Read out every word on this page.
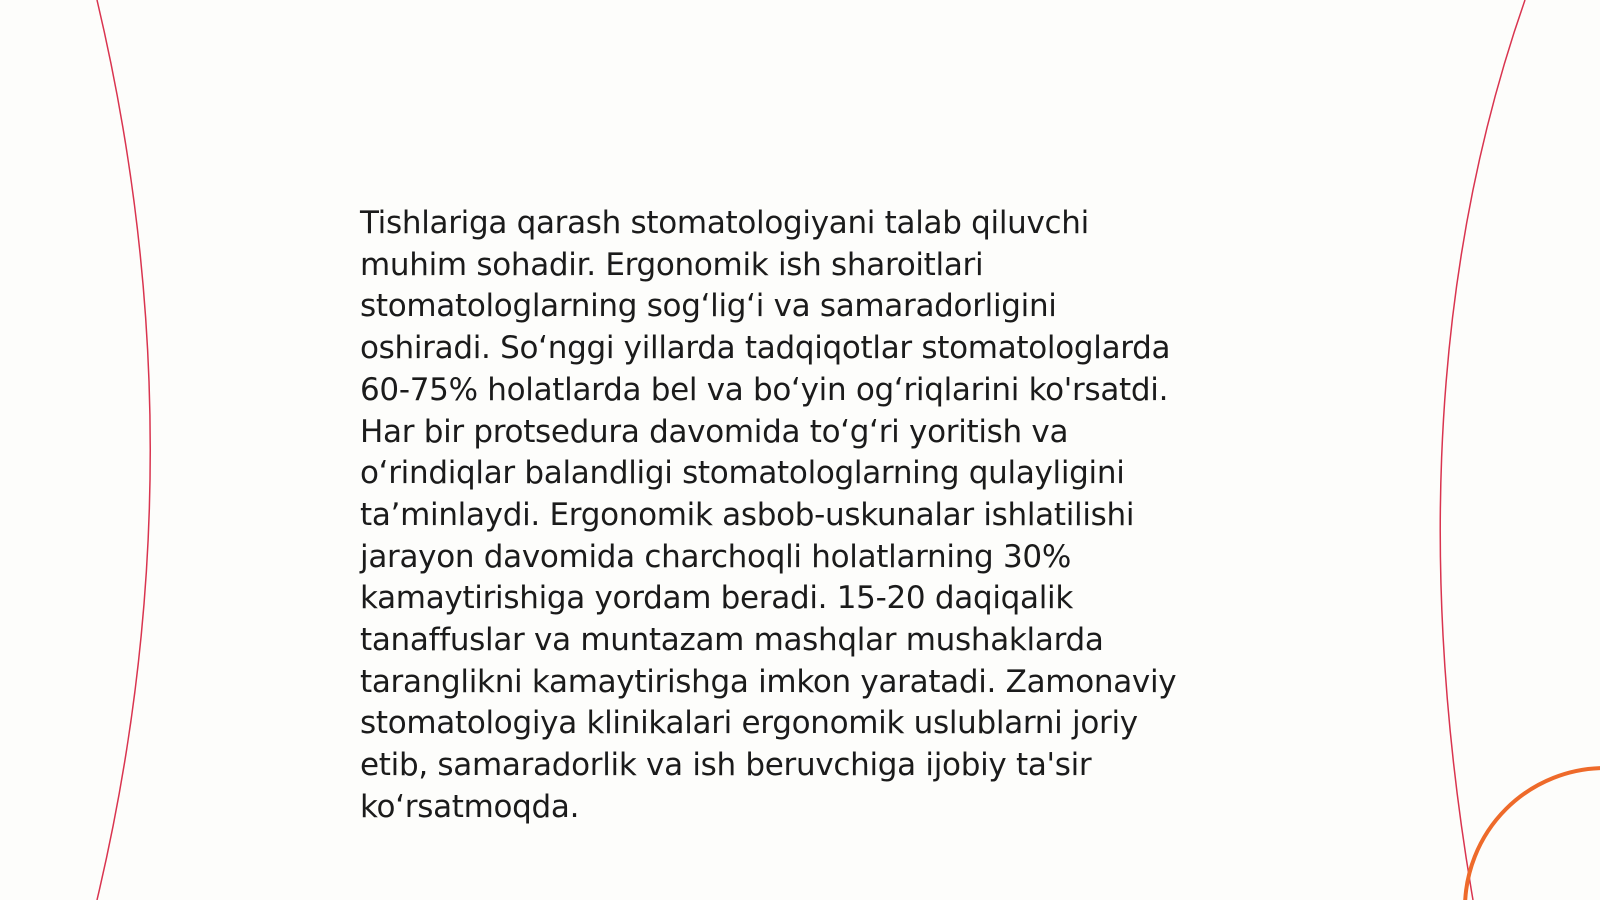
Tishlariga qarash stomatologiyani talab qiluvchi
muhim sohadir. Ergonomik ish sharoitlari
stomatologlarning sogʻligʻi va samaradorligini
oshiradi. Soʻnggi yillarda tadqiqotlar stomatologlarda
60-75% holatlarda bel va boʻyin ogʻriqlarini ko'rsatdi.
Har bir protsedura davomida toʻgʻri yoritish va
oʻrindiqlar balandligi stomatologlarning qulayligini
taʼminlaydi. Ergonomik asbob-uskunalar ishlatilishi
jarayon davomida charchoqli holatlarning 30%
kamaytirishiga yordam beradi. 15-20 daqiqalik
tanaffuslar va muntazam mashqlar mushaklarda
taranglikni kamaytirishga imkon yaratadi. Zamonaviy
stomatologiya klinikalari ergonomik uslublarni joriy
etib, samaradorlik va ish beruvchiga ijobiy ta'sir
koʻrsatmoqda.
